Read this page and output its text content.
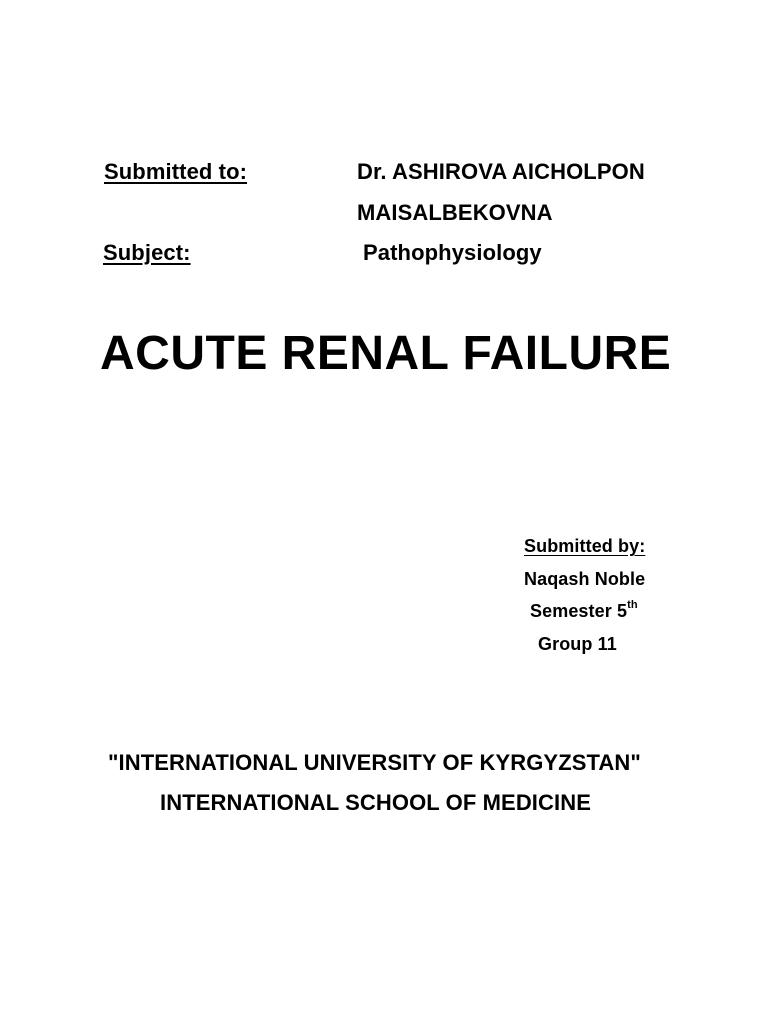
Submitted to:	Dr. ASHIROVA AICHOLPON
MAISALBEKOVNA
Subject:	Pathophysiology
ACUTE RENAL FAILURE
Submitted by:
Naqash Noble
Semester 5th
Group 11
"INTERNATIONAL UNIVERSITY OF KYRGYZSTAN"
INTERNATIONAL SCHOOL OF MEDICINE
